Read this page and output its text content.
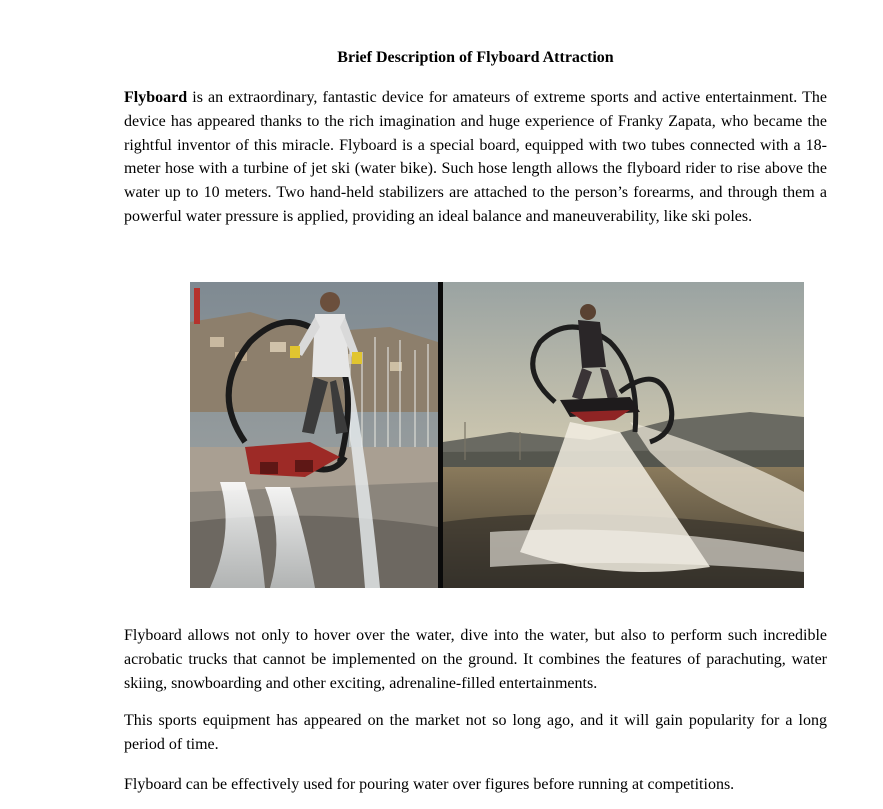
Brief Description of Flyboard Attraction

Flyboard is an extraordinary, fantastic device for amateurs of extreme sports and active entertainment. The device has appeared thanks to the rich imagination and huge experience of Franky Zapata, who became the rightful inventor of this miracle. Flyboard is a special board, equipped with two tubes connected with a 18-meter hose with a turbine of jet ski (water bike). Such hose length allows the flyboard rider to rise above the water up to 10 meters. Two hand-held stabilizers are attached to the person’s forearms, and through them a powerful water pressure is applied, providing an ideal balance and maneuverability, like ski poles.

Flyboard allows not only to hover over the water, dive into the water, but also to perform such incredible acrobatic trucks that cannot be implemented on the ground. It combines the features of parachuting, water skiing, snowboarding and other exciting, adrenaline-filled entertainments.

This sports equipment has appeared on the market not so long ago, and it will gain popularity for a long period of time.

Flyboard can be effectively used for pouring water over figures before running at competitions.
